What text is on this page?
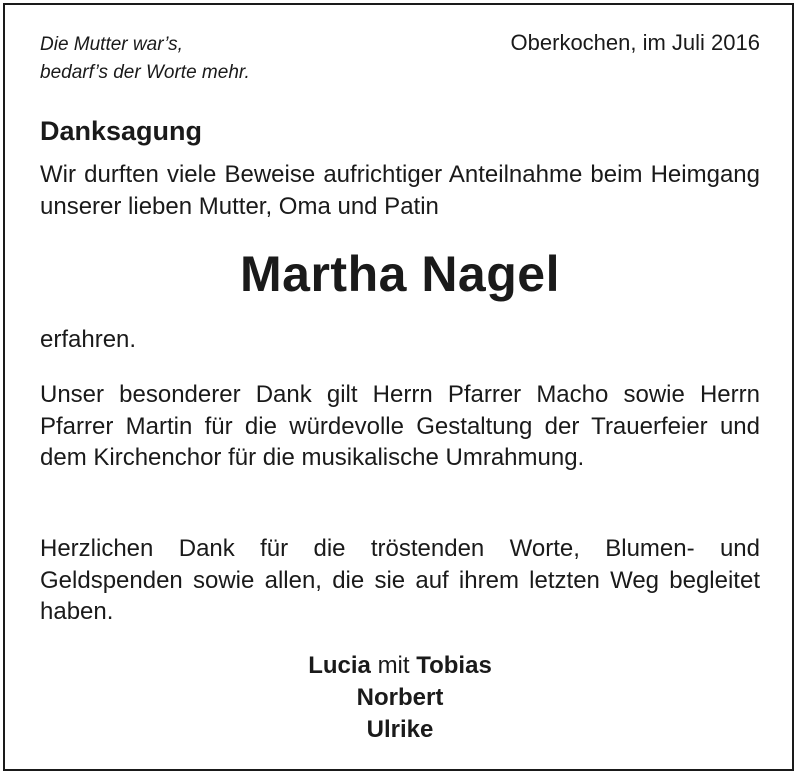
Die Mutter war’s,
bedarf’s der Worte mehr.
Oberkochen, im Juli 2016
Danksagung
Wir durften viele Beweise aufrichtiger Anteilnahme beim Heimgang unserer lieben Mutter, Oma und Patin
Martha Nagel
erfahren.
Unser besonderer Dank gilt Herrn Pfarrer Macho sowie Herrn Pfarrer Martin für die würdevolle Gestaltung der Trauerfeier und dem Kirchenchor für die musikalische Umrahmung.
Herzlichen Dank für die tröstenden Worte, Blumen- und Geldspenden sowie allen, die sie auf ihrem letzten Weg begleitet haben.
Lucia mit Tobias
Norbert
Ulrike
